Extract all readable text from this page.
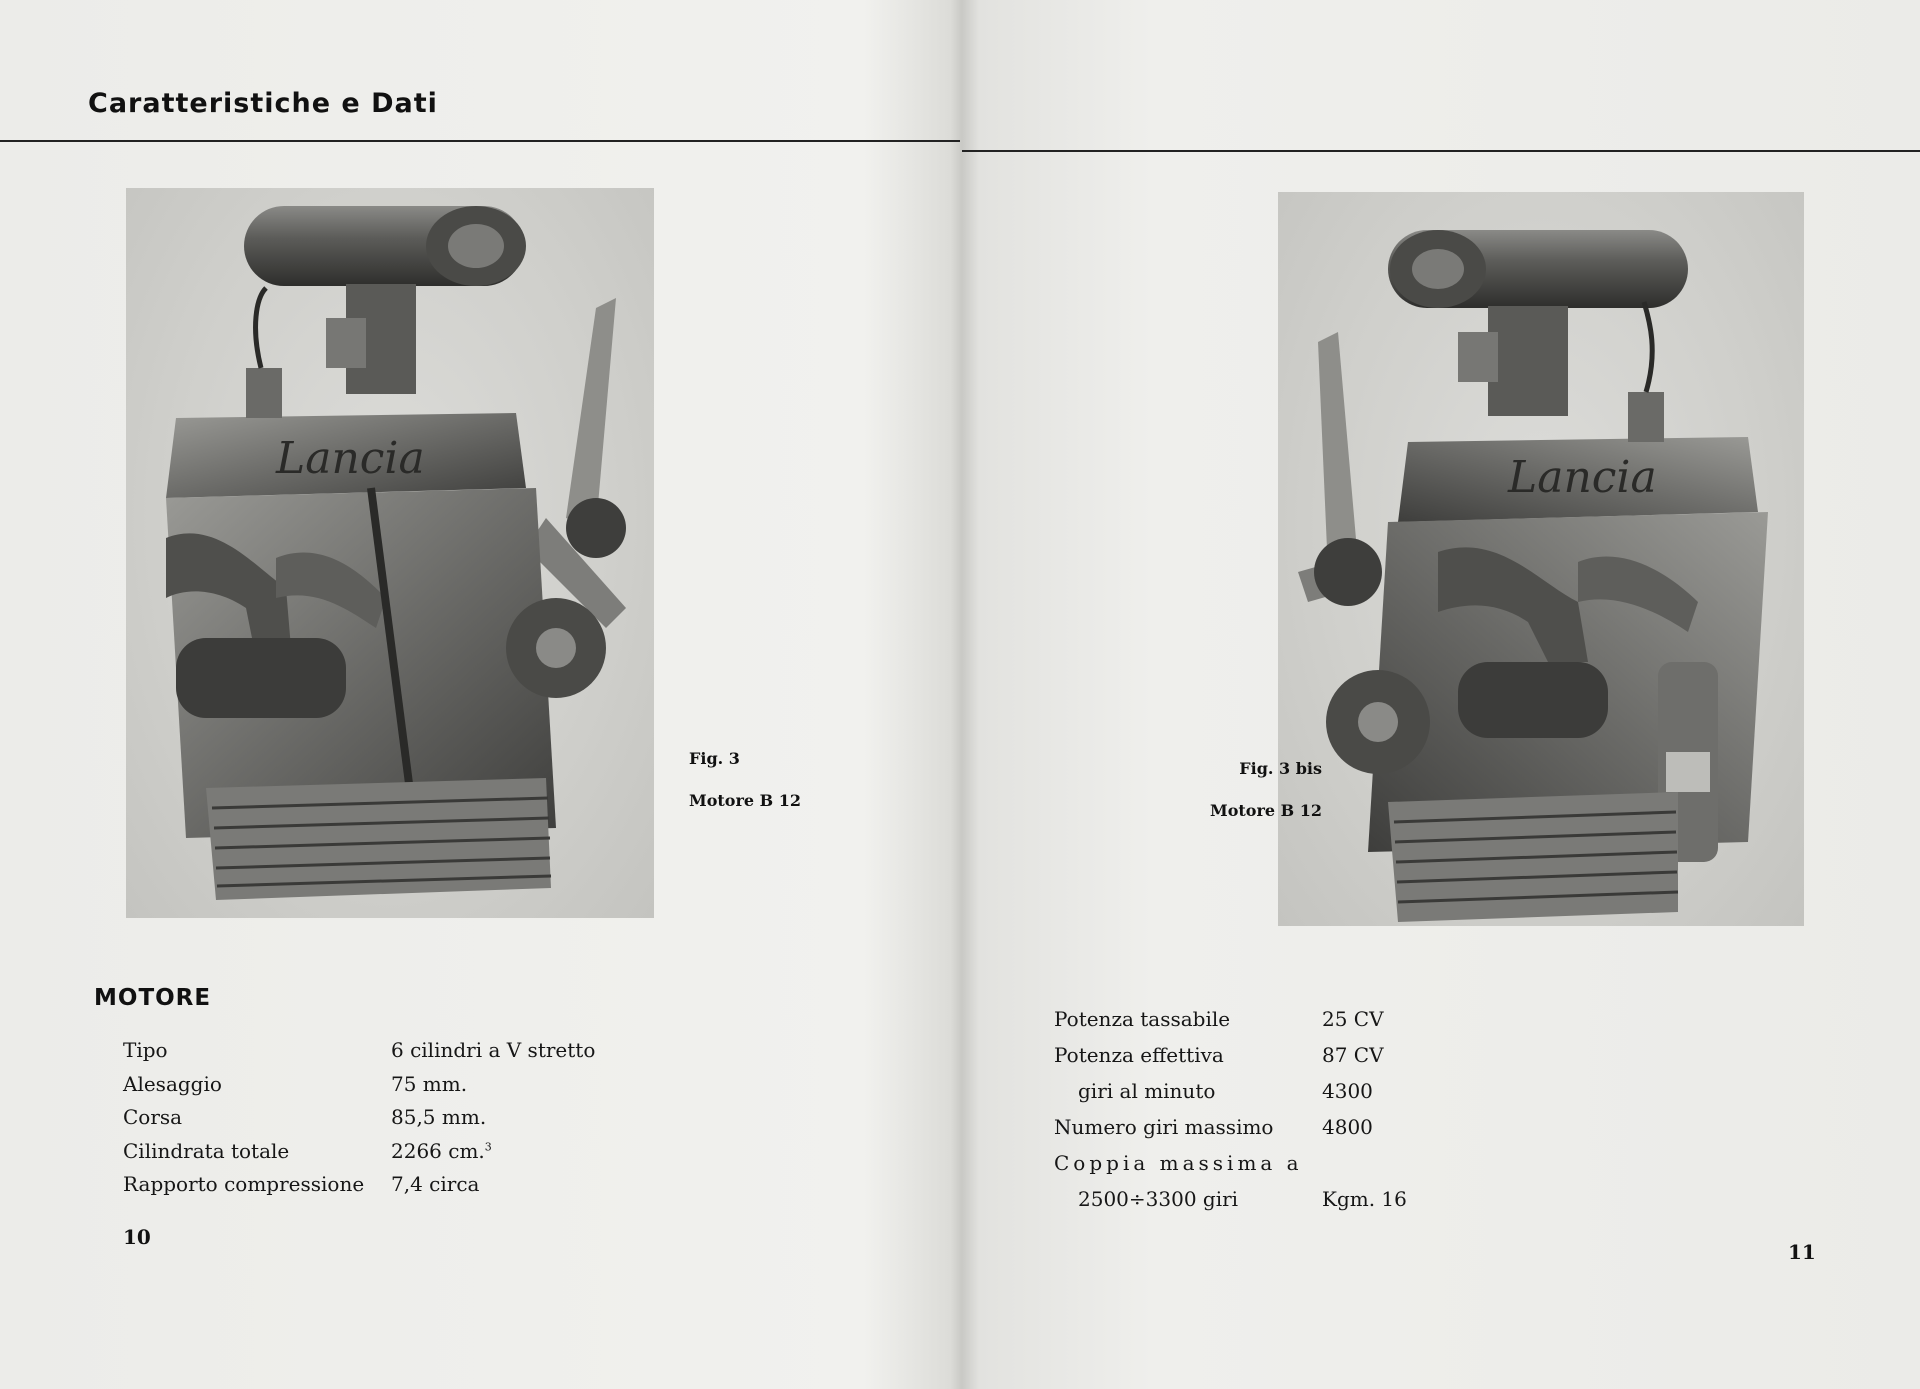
Caratteristiche e Dati
Lancia
Fig. 3
Motore B 12
MOTORE
Tipo	6 cilindri a V stretto
Alesaggio	75 mm.
Corsa	85,5 mm.
Cilindrata totale	2266 cm.$^3$
Rapporto compressione	7,4 circa
10
Lancia
Fig. 3 bis
Motore B 12
Potenza tassabile	25 CV
Potenza effettiva	87 CV
giri al minuto	4300
Numero giri massimo	4800
Coppia massima a
2500÷3300 giri	Kgm. 16
11
